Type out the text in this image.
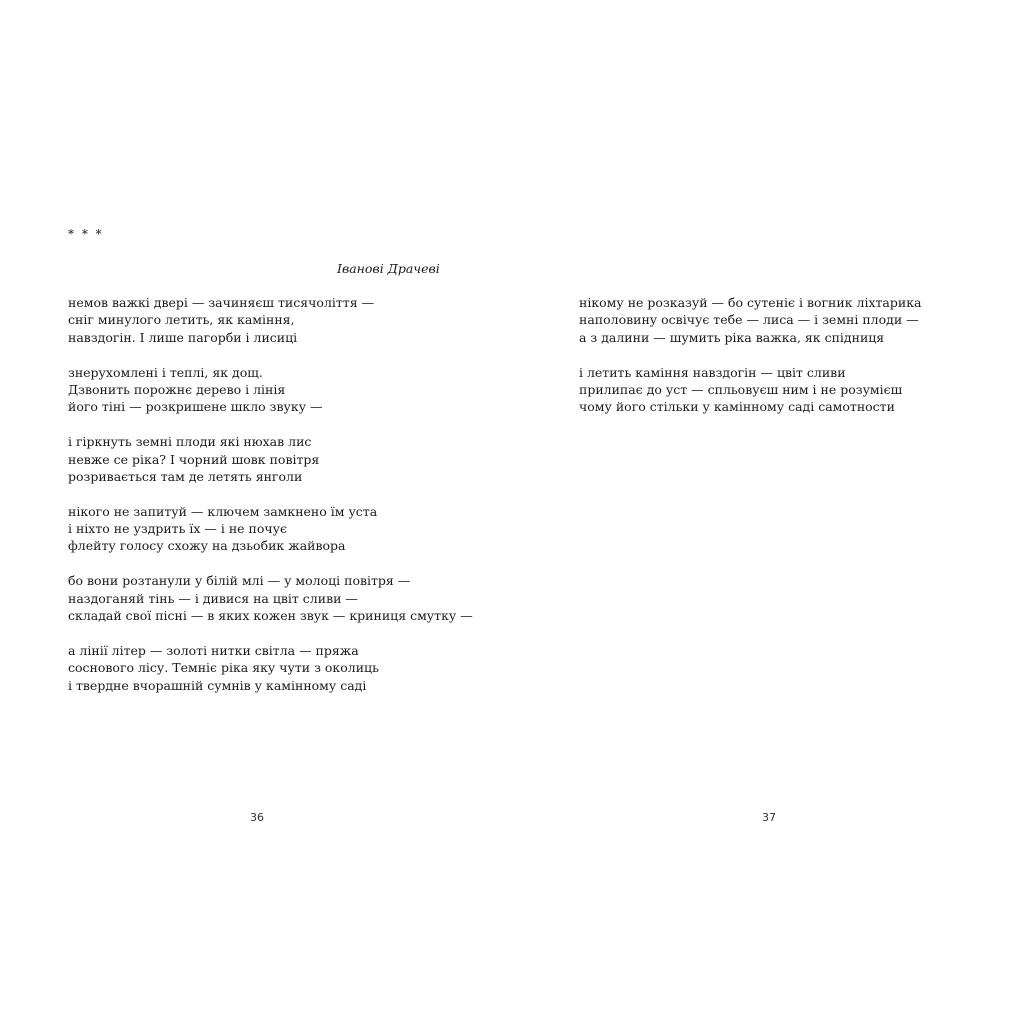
* * *
Іванові Драчеві
немов важкі двері — зачиняєш тисячоліття —
сніг минулого летить, як каміння,
навздогін. І лише пагорби і лисиці
знерухомлені і теплі, як дощ.
Дзвонить порожнє дерево і лінія
його тіні — розкришене шкло звуку —
і гіркнуть земні плоди які нюхав лис
невже се ріка? І чорний шовк повітря
розривається там де летять янголи
нікого не запитуй — ключем замкнено їм уста
і ніхто не уздрить їх — і не почує
флейту голосу схожу на дзьобик жайвора
бо вони розтанули у білій млі — у молоці повітря —
наздоганяй тінь — і дивися на цвіт сливи —
складай свої пісні — в яких кожен звук — криниця смутку —
а лінії літер — золоті нитки світла — пряжа
соснового лісу. Темніє ріка яку чути з околиць
і твердне вчорашній сумнів у камінному саді
36
нікому не розказуй — бо сутеніє і вогник ліхтарика
наполовину освічує тебе — лиса — і земні плоди —
а з далини — шумить ріка важка, як спідниця
і летить каміння навздогін — цвіт сливи
прилипає до уст — спльовуєш ним і не розумієш
чому його стільки у камінному саді самотности
37
